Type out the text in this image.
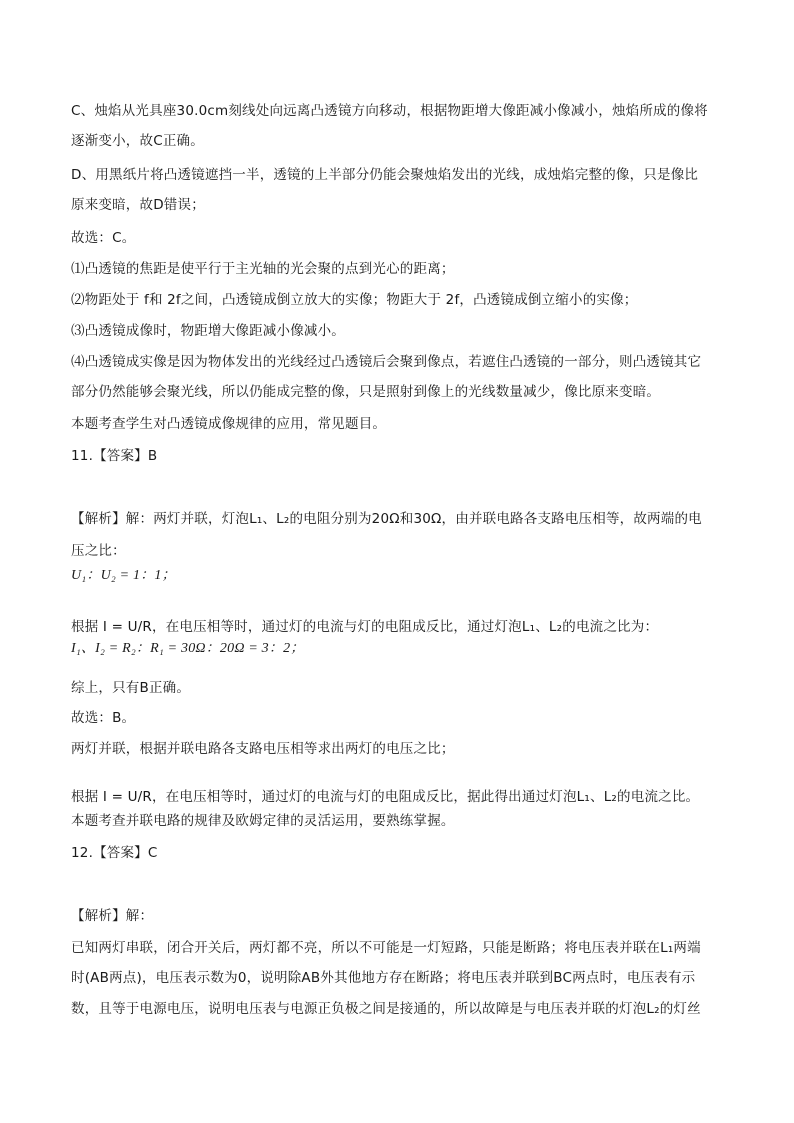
C、烛焰从光具座30.0cm刻线处向远离凸透镜方向移动，根据物距增大像距减小像减小，烛焰所成的像将
逐渐变小，故C正确。
D、用黑纸片将凸透镜遮挡一半，透镜的上半部分仍能会聚烛焰发出的光线，成烛焰完整的像，只是像比
原来变暗，故D错误；
故选：C。
⑴凸透镜的焦距是使平行于主光轴的光会聚的点到光心的距离；
⑵物距处于 f和 2f之间，凸透镜成倒立放大的实像；物距大于 2f，凸透镜成倒立缩小的实像；
⑶凸透镜成像时，物距增大像距减小像减小。
⑷凸透镜成实像是因为物体发出的光线经过凸透镜后会聚到像点，若遮住凸透镜的一部分，则凸透镜其它
部分仍然能够会聚光线，所以仍能成完整的像，只是照射到像上的光线数量减少，像比原来变暗。
本题考查学生对凸透镜成像规律的应用，常见题目。
11.【答案】B
【解析】解：两灯并联，灯泡L₁、L₂的电阻分别为20Ω和30Ω，由并联电路各支路电压相等，故两端的电
压之比：
U₁：U₂ = 1：1；
根据 I = U/R，在电压相等时，通过灯的电流与灯的电阻成反比，通过灯泡L₁、L₂的电流之比为：
I₁、I₂ = R₂：R₁ = 30Ω：20Ω = 3：2；
综上，只有B正确。
故选：B。
两灯并联，根据并联电路各支路电压相等求出两灯的电压之比；
根据 I = U/R，在电压相等时，通过灯的电流与灯的电阻成反比，据此得出通过灯泡L₁、L₂的电流之比。
本题考查并联电路的规律及欧姆定律的灵活运用，要熟练掌握。
12.【答案】C
【解析】解：
已知两灯串联，闭合开关后，两灯都不亮，所以不可能是一灯短路，只能是断路；将电压表并联在L₁两端
时(AB两点)，电压表示数为0，说明除AB外其他地方存在断路；将电压表并联到BC两点时，电压表有示
数，且等于电源电压，说明电压表与电源正负极之间是接通的，所以故障是与电压表并联的灯泡L₂的灯丝
